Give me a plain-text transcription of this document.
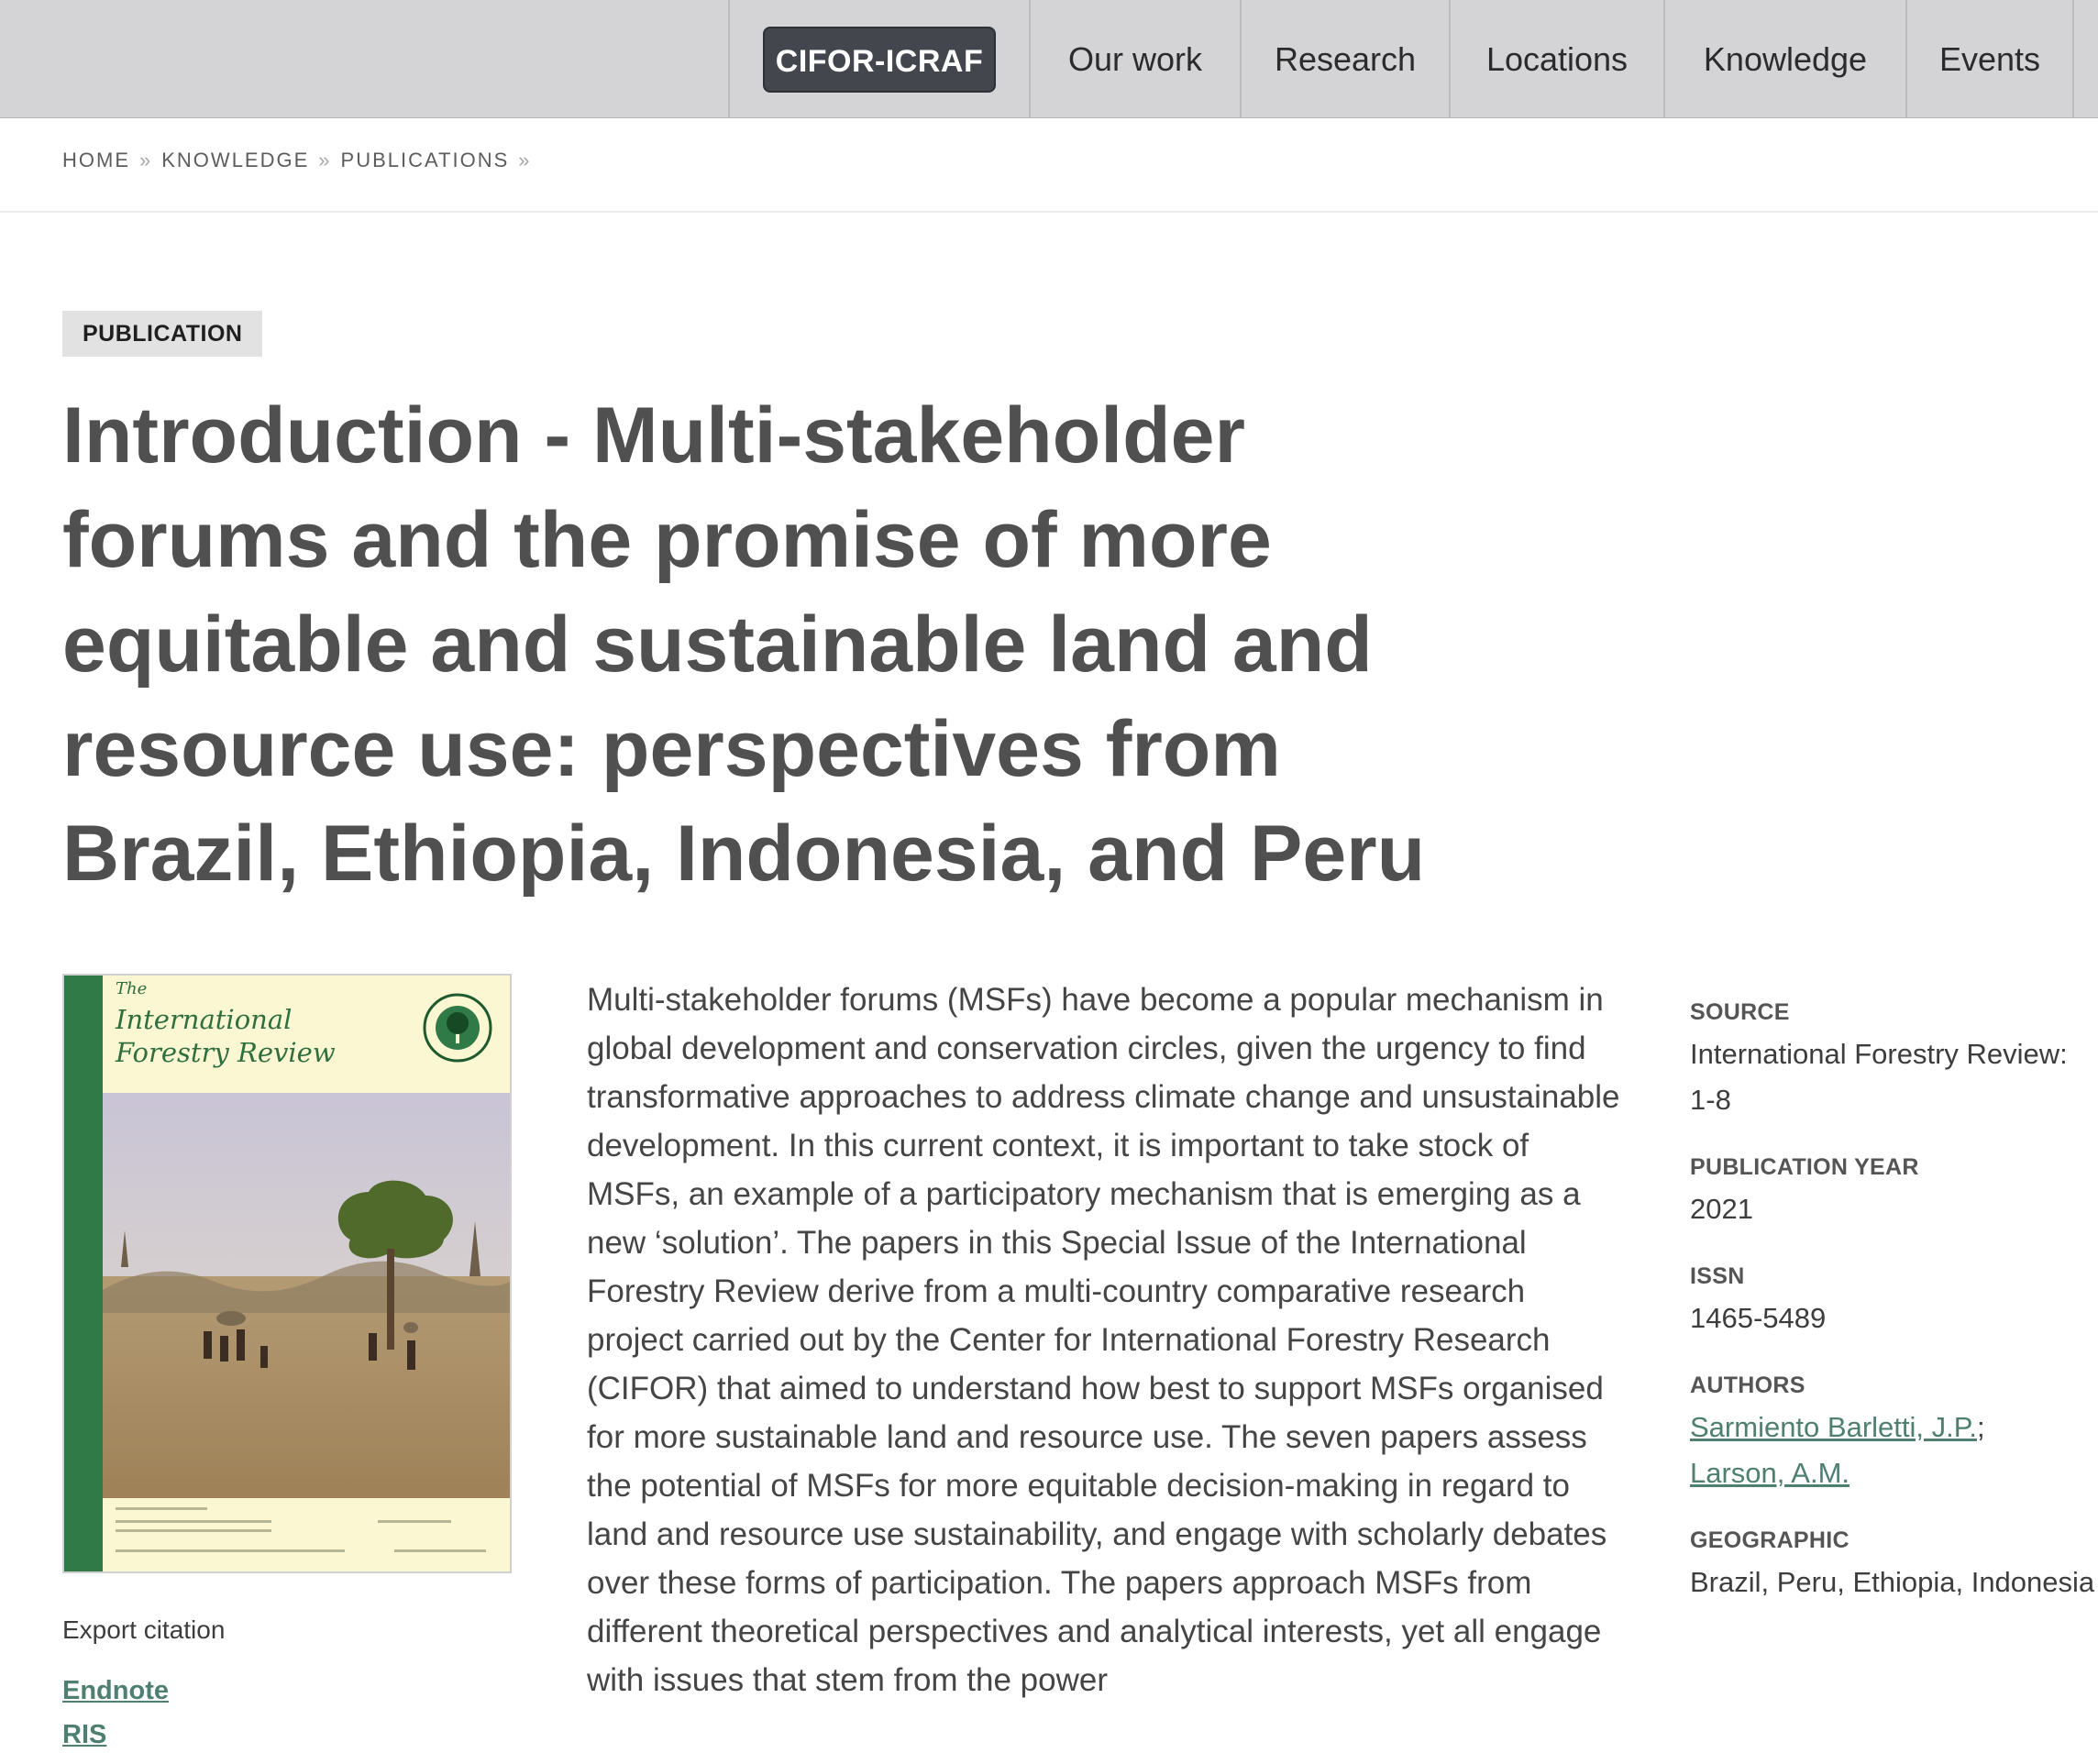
CIFOR-ICRAF	Our work	Research	Locations	Knowledge	Events
HOME » KNOWLEDGE » PUBLICATIONS »
PUBLICATION
Introduction - Multi-stakeholder forums and the promise of more equitable and sustainable land and resource use: perspectives from Brazil, Ethiopia, Indonesia, and Peru
The
International Forestry Review
Export citation
Endnote
RIS

Multi-stakeholder forums (MSFs) have become a popular mechanism in global development and conservation circles, given the urgency to find transformative approaches to address climate change and unsustainable development. In this current context, it is important to take stock of MSFs, an example of a participatory mechanism that is emerging as a new ‘solution’. The papers in this Special Issue of the International Forestry Review derive from a multi-country comparative research project carried out by the Center for International Forestry Research (CIFOR) that aimed to understand how best to support MSFs organised for more sustainable land and resource use. The seven papers assess the potential of MSFs for more equitable decision-making in regard to land and resource use sustainability, and engage with scholarly debates over these forms of participation. The papers approach MSFs from different theoretical perspectives and analytical interests, yet all engage with issues that stem from the power

SOURCE

International Forestry Review: 1-8

PUBLICATION YEAR

2021

ISSN

1465-5489

AUTHORS

Sarmiento Barletti, J.P.;
Larson, A.M.

GEOGRAPHIC

Brazil, Peru, Ethiopia, Indonesia
